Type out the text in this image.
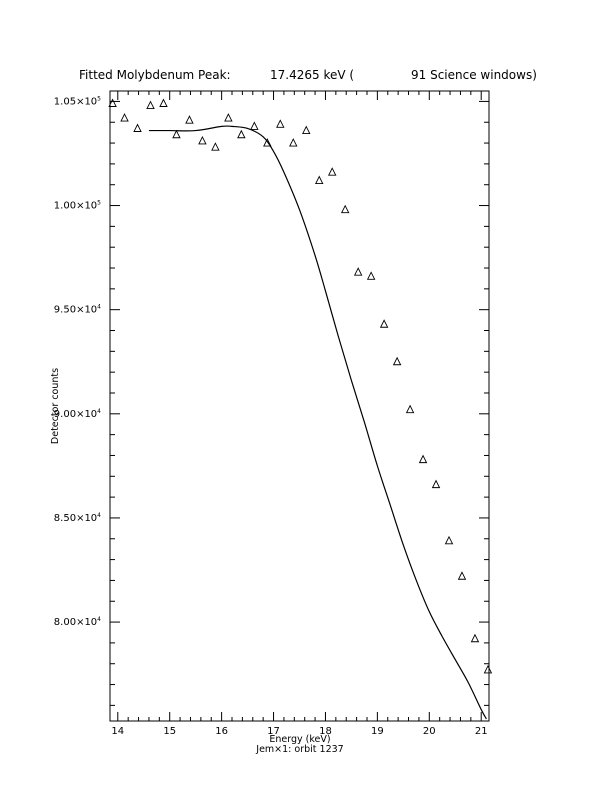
Fitted Molybdenum Peak:	17.4265 keV (	91 Science windows)
14	15	16	17	18	19	20	21
$8.00\times 10^4$
$8.50\times 10^4$
$9.00\times 10^4$
$9.50\times 10^4$
$1.00\times 10^5$
$1.05\times 10^5$
Energy (keV)
Jem×1: orbit 1237
Detector counts
